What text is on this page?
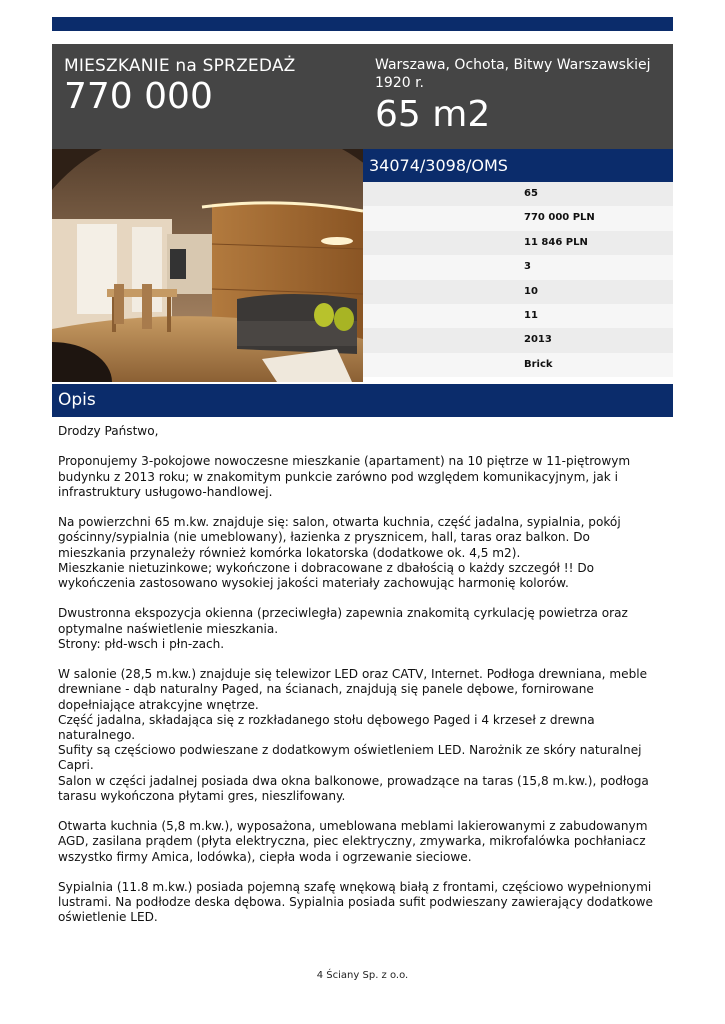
MIESZKANIE na SPRZEDAŻ
770 000
Warszawa, Ochota, Bitwy Warszawskiej 1920 r.
65 m2
34074/3098/OMS
65
770 000 PLN
11 846 PLN
3
10
11
2013
Brick
Opis

Drodzy Państwo,

Proponujemy 3-pokojowe nowoczesne mieszkanie (apartament) na 10 piętrze w 11-piętrowym budynku z 2013 roku; w znakomitym punkcie zarówno pod względem komunikacyjnym, jak i infrastruktury usługowo-handlowej.

Na powierzchni 65 m.kw. znajduje się: salon, otwarta kuchnia, część jadalna, sypialnia, pokój gościnny/sypialnia (nie umeblowany), łazienka z prysznicem, hall, taras oraz balkon. Do mieszkania przynależy również komórka lokatorska (dodatkowe ok. 4,5 m2).
Mieszkanie nietuzinkowe; wykończone i dobracowane z dbałością o każdy szczegół !! Do wykończenia zastosowano wysokiej jakości materiały zachowując harmonię kolorów.

Dwustronna ekspozycja okienna (przeciwległa) zapewnia znakomitą cyrkulację powietrza oraz optymalne naświetlenie mieszkania.
Strony: płd-wsch i płn-zach.

W salonie (28,5 m.kw.) znajduje się telewizor LED oraz CATV, Internet. Podłoga drewniana, meble drewniane - dąb naturalny Paged, na ścianach, znajdują się panele dębowe, fornirowane dopełniające atrakcyjne wnętrze.
Część jadalna, składająca się z rozkładanego stołu dębowego Paged i 4 krzeseł z drewna naturalnego.
Sufity są częściowo podwieszane z dodatkowym oświetleniem LED. Narożnik ze skóry naturalnej Capri.
Salon w części jadalnej posiada dwa okna balkonowe, prowadzące na taras (15,8 m.kw.), podłoga tarasu wykończona płytami gres, nieszlifowany.

Otwarta kuchnia (5,8 m.kw.), wyposażona, umeblowana meblami lakierowanymi z zabudowanym AGD, zasilana prądem (płyta elektryczna, piec elektryczny, zmywarka, mikrofalówka pochłaniacz wszystko firmy Amica, lodówka), ciepła woda i ogrzewanie sieciowe.

Sypialnia (11.8 m.kw.) posiada pojemną szafę wnękową białą z frontami, częściowo wypełnionymi lustrami. Na podłodze deska dębowa. Sypialnia posiada sufit podwieszany zawierający dodatkowe oświetlenie LED.

4 Ściany Sp. z o.o.
